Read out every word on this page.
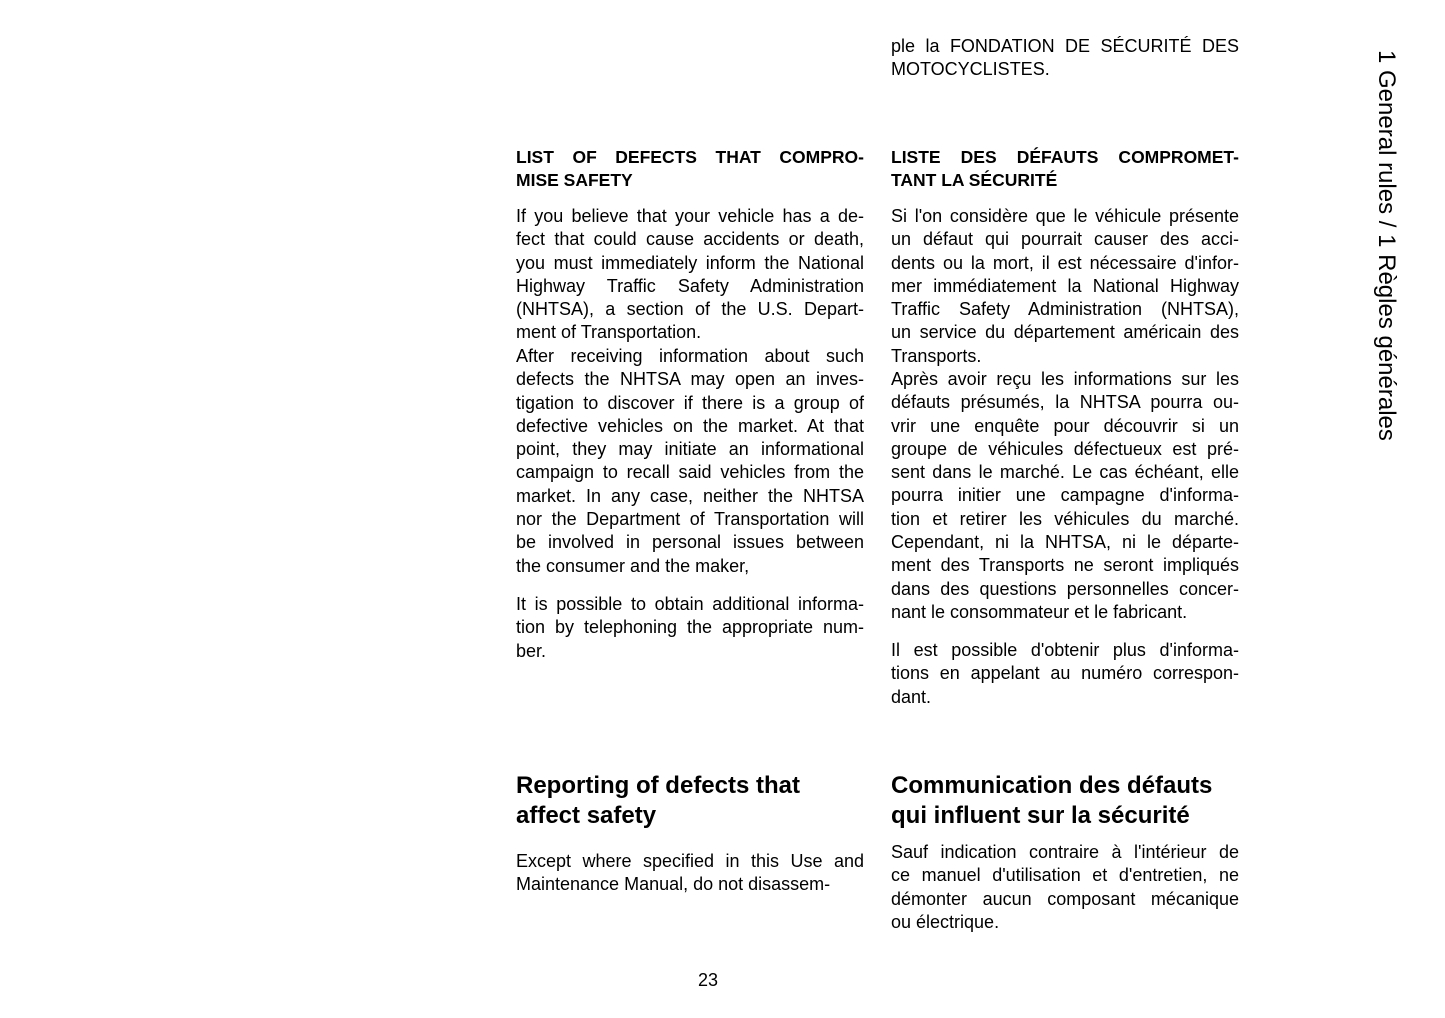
1 General rules / 1 Règles générales
LIST OF DEFECTS THAT COMPRO-
MISE SAFETY
If you believe that your vehicle has a de-
fect that could cause accidents or death,
you must immediately inform the National
Highway Traffic Safety Administration
(NHTSA), a section of the U.S. Depart-
ment of Transportation.
After receiving information about such
defects the NHTSA may open an inves-
tigation to discover if there is a group of
defective vehicles on the market. At that
point, they may initiate an informational
campaign to recall said vehicles from the
market. In any case, neither the NHTSA
nor the Department of Transportation will
be involved in personal issues between
the consumer and the maker,
It is possible to obtain additional informa-
tion by telephoning the appropriate num-
ber.
Reporting of defects that
affect safety
Except where specified in this Use and
Maintenance Manual, do not disassem-
ple la FONDATION DE SÉCURITÉ DES
MOTOCYCLISTES.
LISTE DES DÉFAUTS COMPROMET-
TANT LA SÉCURITÉ
Si l'on considère que le véhicule présente
un défaut qui pourrait causer des acci-
dents ou la mort, il est nécessaire d'infor-
mer immédiatement la National Highway
Traffic Safety Administration (NHTSA),
un service du département américain des
Transports.
Après avoir reçu les informations sur les
défauts présumés, la NHTSA pourra ou-
vrir une enquête pour découvrir si un
groupe de véhicules défectueux est pré-
sent dans le marché. Le cas échéant, elle
pourra initier une campagne d'informa-
tion et retirer les véhicules du marché.
Cependant, ni la NHTSA, ni le départe-
ment des Transports ne seront impliqués
dans des questions personnelles concer-
nant le consommateur et le fabricant.
Il est possible d'obtenir plus d'informa-
tions en appelant au numéro correspon-
dant.
Communication des défauts
qui influent sur la sécurité
Sauf indication contraire à l'intérieur de
ce manuel d'utilisation et d'entretien, ne
démonter aucun composant mécanique
ou électrique.
23
